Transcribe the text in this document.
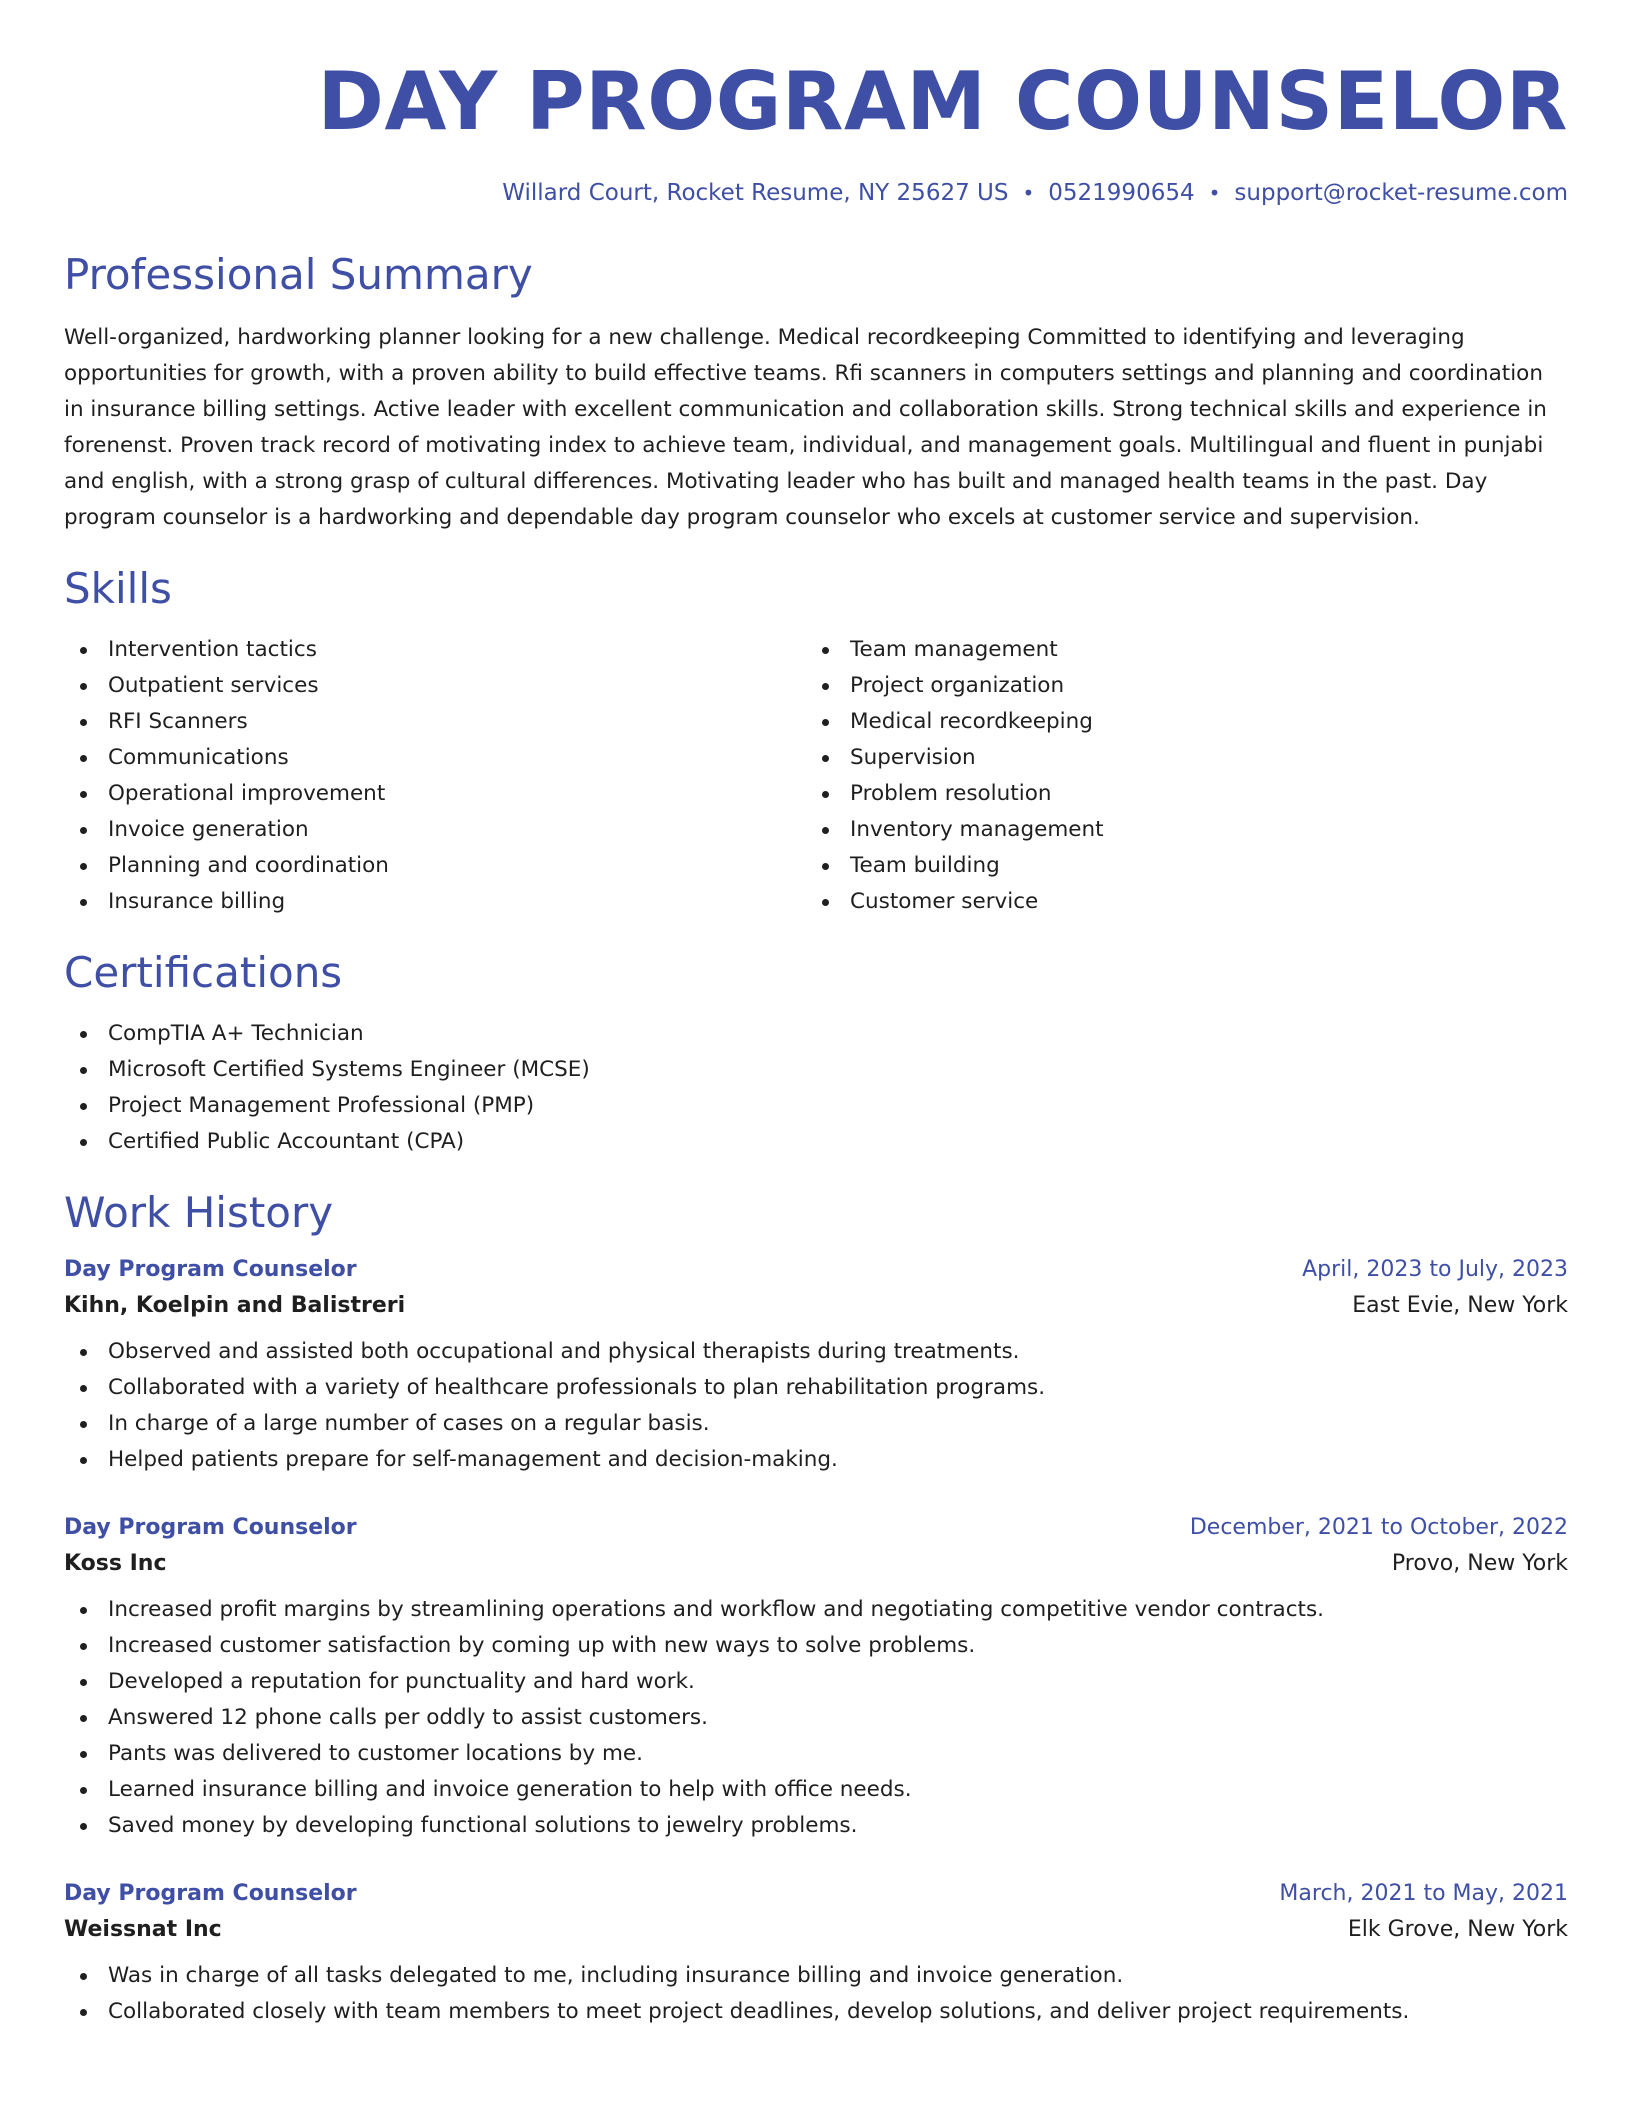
DAY PROGRAM COUNSELOR
Willard Court, Rocket Resume, NY 25627 US • 0521990654 • support@rocket-resume.com
Professional Summary

Well-organized, hardworking planner looking for a new challenge. Medical recordkeeping Committed to identifying and leveraging opportunities for growth, with a proven ability to build effective teams. Rfi scanners in computers settings and planning and coordination in insurance billing settings. Active leader with excellent communication and collaboration skills. Strong technical skills and experience in forenenst. Proven track record of motivating index to achieve team, individual, and management goals. Multilingual and fluent in punjabi and english, with a strong grasp of cultural differences. Motivating leader who has built and managed health teams in the past. Day program counselor is a hardworking and dependable day program counselor who excels at customer service and supervision.

Skills
Intervention tactics
Outpatient services
RFI Scanners
Communications
Operational improvement
Invoice generation
Planning and coordination
Insurance billing
Team management
Project organization
Medical recordkeeping
Supervision
Problem resolution
Inventory management
Team building
Customer service
Certifications
CompTIA A+ Technician
Microsoft Certified Systems Engineer (MCSE)
Project Management Professional (PMP)
Certified Public Accountant (CPA)
Work History
Day Program Counselor	April, 2023 to July, 2023
Kihn, Koelpin and Balistreri	East Evie, New York
Observed and assisted both occupational and physical therapists during treatments.
Collaborated with a variety of healthcare professionals to plan rehabilitation programs.
In charge of a large number of cases on a regular basis.
Helped patients prepare for self-management and decision-making.
Day Program Counselor	December, 2021 to October, 2022
Koss Inc	Provo, New York
Increased profit margins by streamlining operations and workflow and negotiating competitive vendor contracts.
Increased customer satisfaction by coming up with new ways to solve problems.
Developed a reputation for punctuality and hard work.
Answered 12 phone calls per oddly to assist customers.
Pants was delivered to customer locations by me.
Learned insurance billing and invoice generation to help with office needs.
Saved money by developing functional solutions to jewelry problems.
Day Program Counselor	March, 2021 to May, 2021
Weissnat Inc	Elk Grove, New York
Was in charge of all tasks delegated to me, including insurance billing and invoice generation.
Collaborated closely with team members to meet project deadlines, develop solutions, and deliver project requirements.
